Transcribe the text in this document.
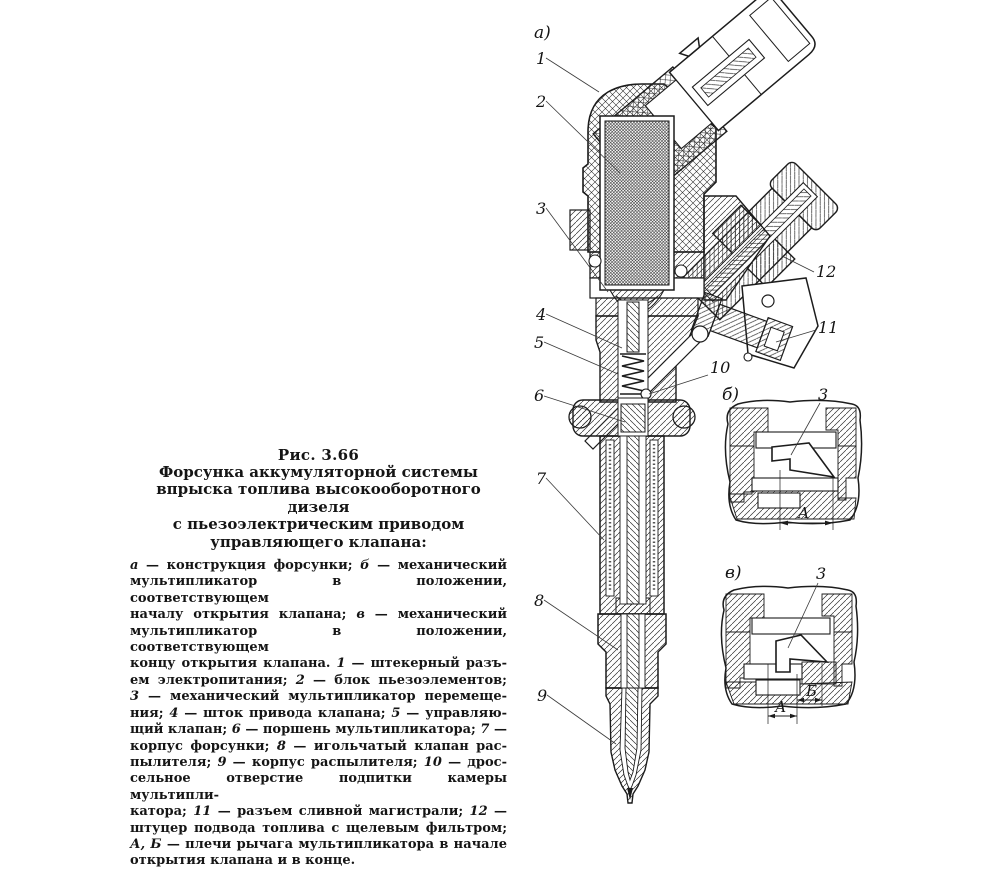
1
2
3
4
5
6
7
8
9
10
11
12
3
3
а)
б)
в)
А
Б
А
Рис. 3.66
Форсунка аккумуляторной системы
впрыска топлива высокооборотного дизеля
с пьезоэлектрическим приводом
управляющего клапана:
а — конструкция форсунки; б — механический
мультипликатор в положении, соответствующем
началу открытия клапана; в — механический
мультипликатор в положении, соответствующем
концу открытия клапана. 1 — штекерный разъ-
ем электропитания; 2 — блок пьезоэлементов;
3 — механический мультипликатор перемеще-
ния; 4 — шток привода клапана; 5 — управляю-
щий клапан; 6 — поршень мультипликатора; 7 —
корпус форсунки; 8 — игольчатый клапан рас-
пылителя; 9 — корпус распылителя; 10 — дрос-
сельное отверстие подпитки камеры мультипли-
катора; 11 — разъем сливной магистрали; 12 —
штуцер подвода топлива с щелевым фильтром;
А, Б — плечи рычага мультипликатора в начале
открытия клапана и в конце.
